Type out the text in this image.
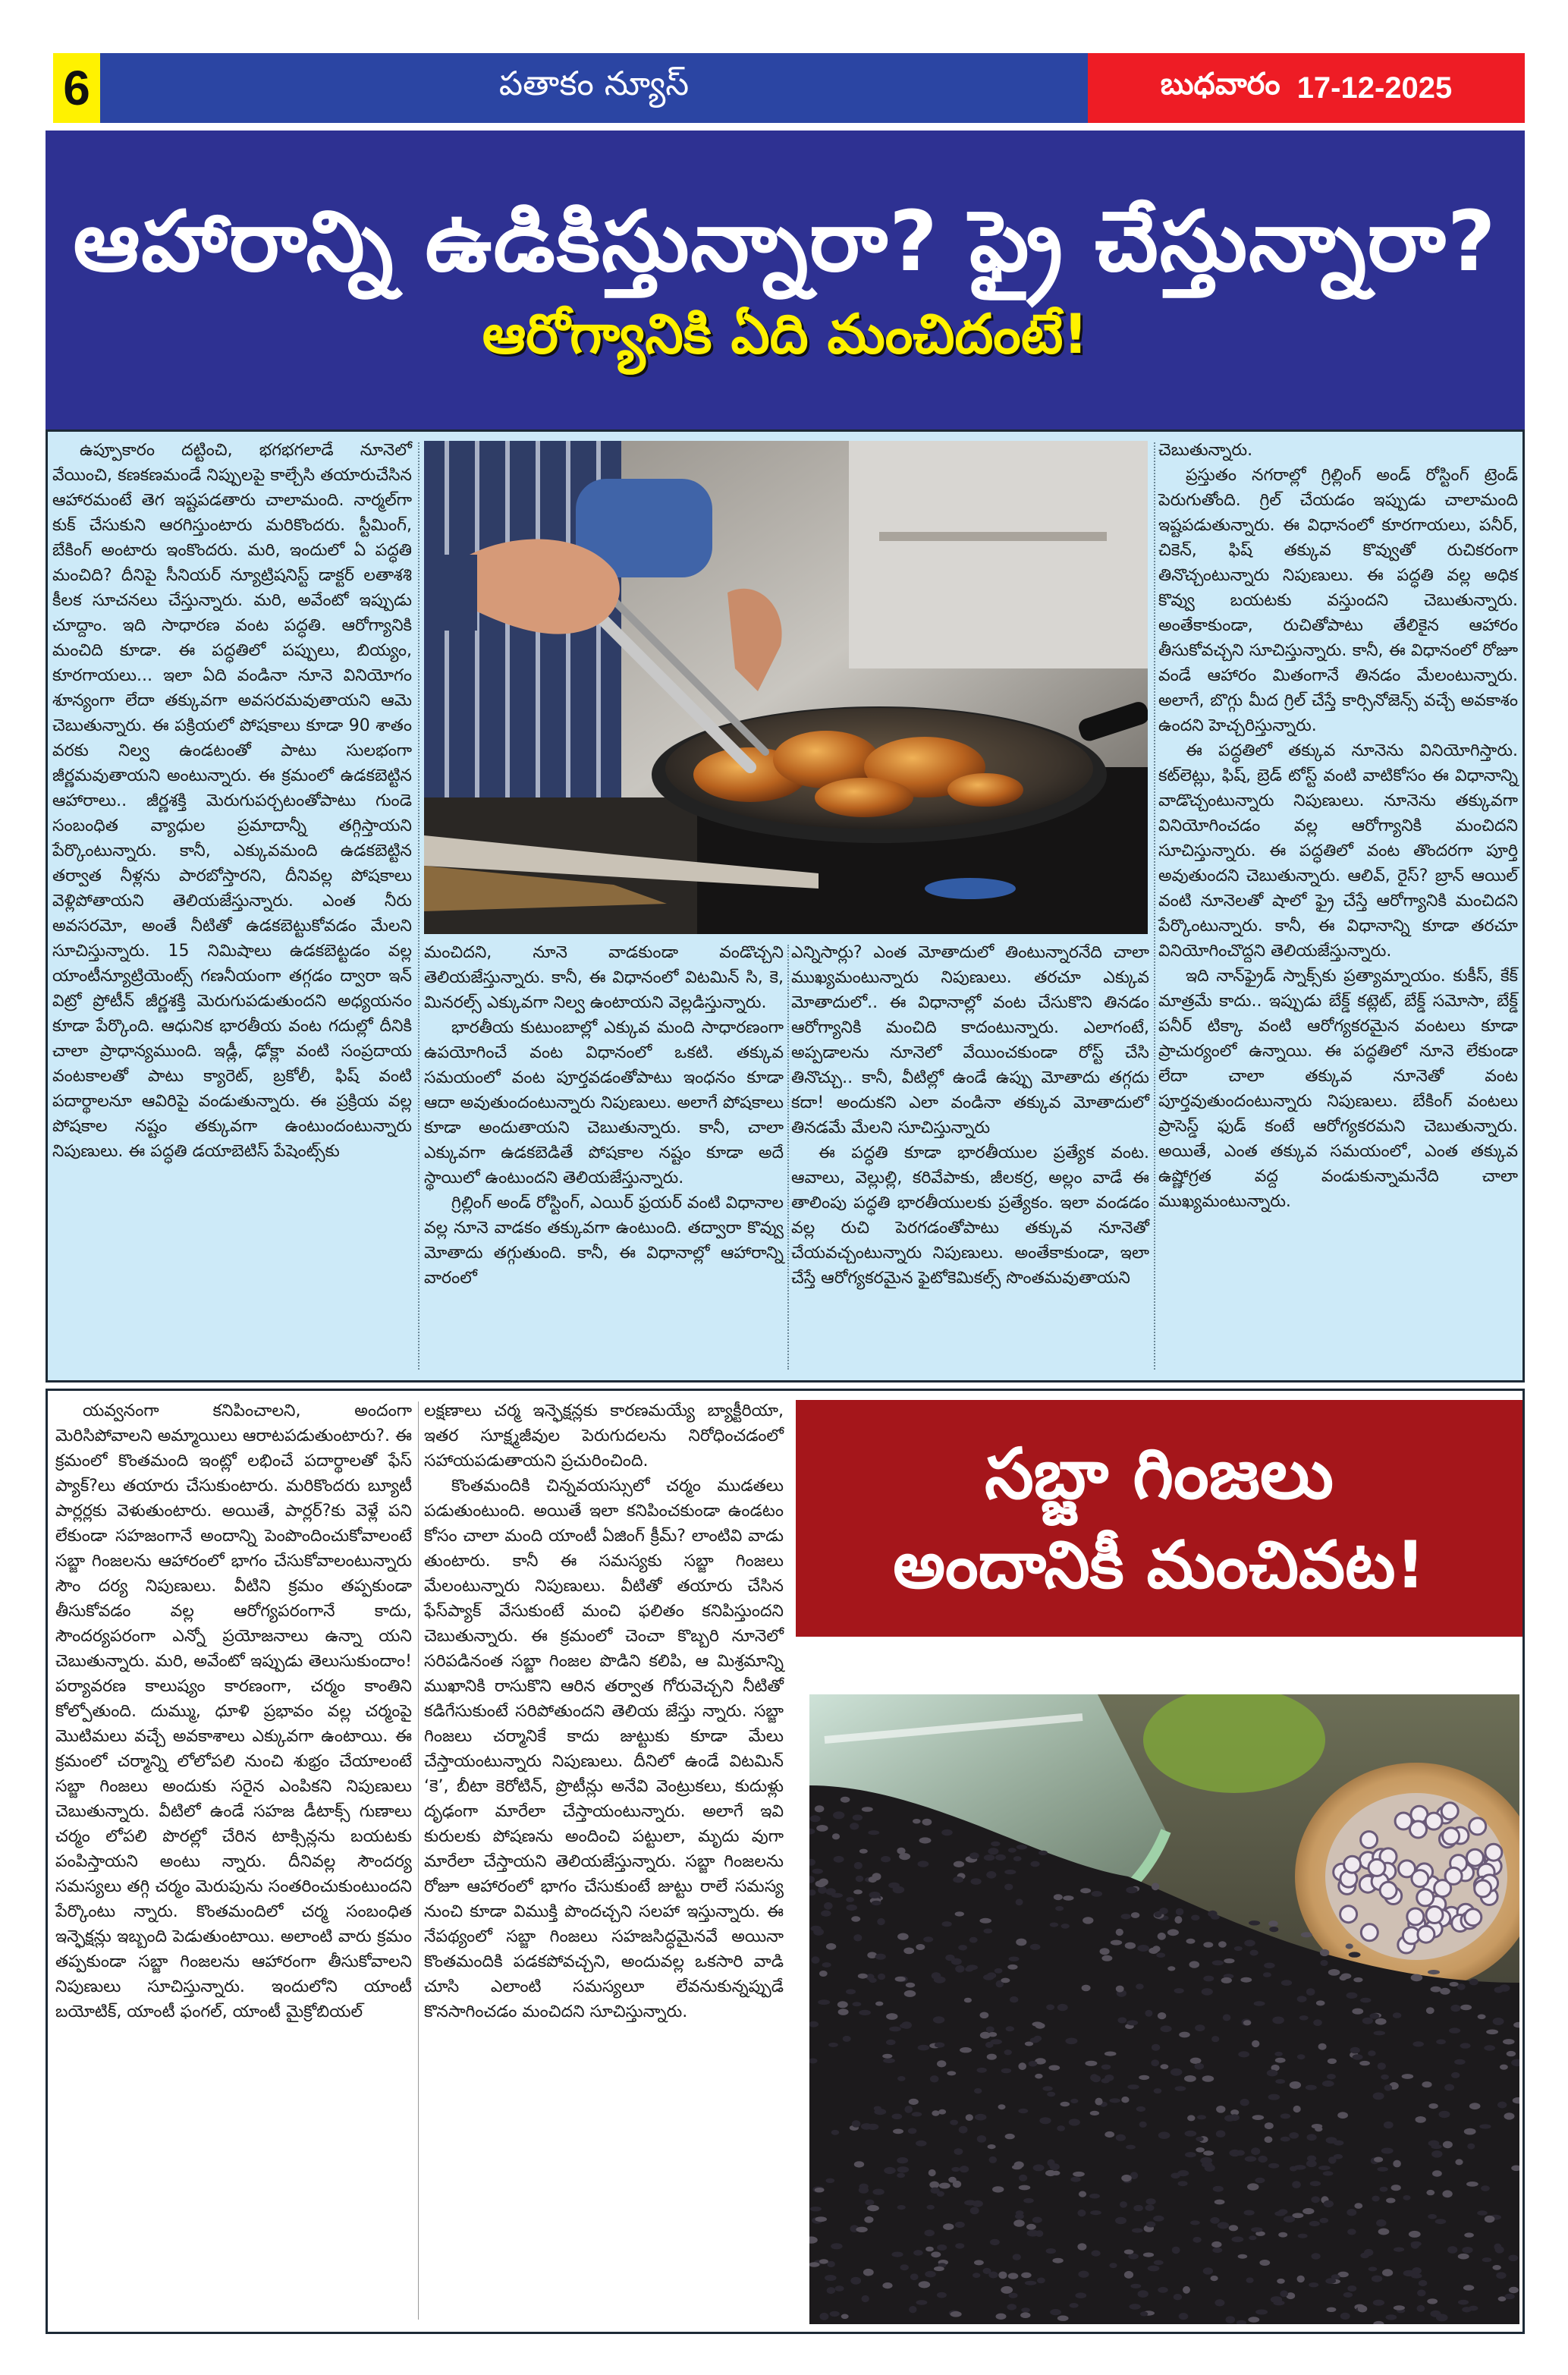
6	పతాకం న్యూస్	బుధవారం 17-12-2025
ఆహారాన్ని ఉడికిస్తున్నారా? ఫ్రై చేస్తున్నారా?
ఆరోగ్యానికి ఏది మంచిదంటే!

ఉప్పూకారం దట్టించి, భగభగలాడే నూనెలో వేయించి, కణకణమండే నిప్పులపై కాల్చేసి తయారుచేసిన ఆహారమంటే తెగ ఇష్టపడతారు చాలామంది. నార్మల్‌గా కుక్ చేసుకుని ఆరగిస్తుంటారు మరికొందరు. స్టీమింగ్, బేకింగ్ అంటారు ఇంకొందరు. మరి, ఇందులో ఏ పద్ధతి మంచిది? దీనిపై సీనియర్ న్యూట్రిషనిస్ట్ డాక్టర్ లతాశశి కీలక సూచనలు చేస్తున్నారు. మరి, అవేంటో ఇప్పుడు చూద్దాం. ఇది సాధారణ వంట పద్ధతి. ఆరోగ్యానికి మంచిది కూడా. ఈ పద్ధతిలో పప్పులు, బియ్యం, కూరగాయలు... ఇలా ఏది వండినా నూనె వినియోగం శూన్యంగా లేదా తక్కువగా అవసరమవుతాయని ఆమె చెబుతున్నారు. ఈ పక్రియలో పోషకాలు కూడా 90 శాతం వరకు నిల్వ ఉండటంతో పాటు సులభంగా జీర్ణమవుతాయని అంటున్నారు. ఈ క్రమంలో ఉడకబెట్టిన ఆహారాలు.. జీర్ణశక్తి మెరుగుపర్చటంతోపాటు గుండె సంబంధిత వ్యాధుల ప్రమాదాన్నీ తగ్గిస్తాయని పేర్కొంటున్నారు. కానీ, ఎక్కువమంది ఉడకబెట్టిన తర్వాత నీళ్లను పారబోస్తారని, దీనివల్ల పోషకాలు వెళ్లిపోతాయని తెలియజేస్తున్నారు. ఎంత నీరు అవసరమో, అంతే నీటితో ఉడకబెట్టుకోవడం మేలని సూచిస్తున్నారు. 15 నిమిషాలు ఉడకబెట్టడం వల్ల యాంటీన్యూట్రియెంట్స్ గణనీయంగా తగ్గడం ద్వారా ఇన్ విట్రో ప్రోటీన్ జీర్ణశక్తి మెరుగుపడుతుందని అధ్యయనం కూడా పేర్కొంది. ఆధునిక భారతీయ వంట గదుల్లో దీనికి చాలా ప్రాధాన్యముంది. ఇడ్లీ, ఢోక్లా వంటి సంప్రదాయ వంటకాలతో పాటు క్యారెట్, బ్రకోలీ, ఫిష్ వంటి పదార్థాలనూ ఆవిరిపై వండుతున్నారు. ఈ ప్రక్రియ వల్ల పోషకాల నష్టం తక్కువగా ఉంటుందంటున్నారు నిపుణులు. ఈ పద్ధతి డయాబెటిస్ పేషెంట్స్‌కు

మంచిదని, నూనె వాడకుండా వండొచ్చని తెలియజేస్తున్నారు. కానీ, ఈ విధానంలో విటమిన్ సి, కె, మినరల్స్ ఎక్కువగా నిల్వ ఉంటాయని వెల్లడిస్తున్నారు.

భారతీయ కుటుంబాల్లో ఎక్కువ మంది సాధారణంగా ఉపయోగించే వంట విధానంలో ఒకటి. తక్కువ సమయంలో వంట పూర్తవడంతోపాటు ఇంధనం కూడా ఆదా అవుతుందంటున్నారు నిపుణులు. అలాగే పోషకాలు కూడా అందుతాయని చెబుతున్నారు. కానీ, చాలా ఎక్కువగా ఉడకబెడితే పోషకాల నష్టం కూడా అదే స్థాయిలో ఉంటుందని తెలియజేస్తున్నారు.

గ్రిల్లింగ్ అండ్ రోస్టింగ్, ఎయిర్ ఫ్రయర్ వంటి విధానాల వల్ల నూనె వాడకం తక్కువగా ఉంటుంది. తద్వారా కొవ్వు మోతాదు తగ్గుతుంది. కానీ, ఈ విధానాల్లో ఆహారాన్ని వారంలో

ఎన్నిసార్లు? ఎంత మోతాదులో తింటున్నారనేది చాలా ముఖ్యమంటున్నారు నిపుణులు. తరచూ ఎక్కువ మోతాదులో.. ఈ విధానాల్లో వంట చేసుకొని తినడం ఆరోగ్యానికి మంచిది కాదంటున్నారు. ఎలాగంటే, అప్పడాలను నూనెలో వేయించకుండా రోస్ట్ చేసి తినొచ్చు.. కానీ, వీటిల్లో ఉండే ఉప్పు మోతాదు తగ్గదు కదా! అందుకని ఎలా వండినా తక్కువ మోతాదులో తినడమే మేలని సూచిస్తున్నారు

ఈ పద్ధతి కూడా భారతీయుల ప్రత్యేక వంట. ఆవాలు, వెల్లుల్లి, కరివేపాకు, జీలకర్ర, అల్లం వాడే ఈ తాలింపు పద్ధతి భారతీయులకు ప్రత్యేకం. ఇలా వండడం వల్ల రుచి పెరగడంతోపాటు తక్కువ నూనెతో చేయవచ్చంటున్నారు నిపుణులు. అంతేకాకుండా, ఇలా చేస్తే ఆరోగ్యకరమైన ఫైటోకెమికల్స్ సొంతమవుతాయని

చెబుతున్నారు.

ప్రస్తుతం నగరాల్లో గ్రిల్లింగ్ అండ్ రోస్టింగ్ ట్రెండ్ పెరుగుతోంది. గ్రిల్ చేయడం ఇప్పుడు చాలామంది ఇష్టపడుతున్నారు. ఈ విధానంలో కూరగాయలు, పనీర్, చికెన్, ఫిష్ తక్కువ కొవ్వుతో రుచికరంగా తినొచ్చంటున్నారు నిపుణులు. ఈ పద్ధతి వల్ల అధిక కొవ్వు బయటకు వస్తుందని చెబుతున్నారు. అంతేకాకుండా, రుచితోపాటు తేలికైన ఆహారం తీసుకోవచ్చని సూచిస్తున్నారు. కానీ, ఈ విధానంలో రోజూ వండే ఆహారం మితంగానే తినడం మేలంటున్నారు. అలాగే, బొగ్గు మీద గ్రిల్ చేస్తే కార్సినోజెన్స్ వచ్చే అవకాశం ఉందని హెచ్చరిస్తున్నారు.

ఈ పద్ధతిలో తక్కువ నూనెను వినియోగిస్తారు. కట్‌లెట్లు, ఫిష్, బ్రెడ్ టోస్ట్ వంటి వాటికోసం ఈ విధానాన్ని వాడొచ్చంటున్నారు నిపుణులు. నూనెను తక్కువగా వినియోగించడం వల్ల ఆరోగ్యానికి మంచిదని సూచిస్తున్నారు. ఈ పద్ధతిలో వంట తొందరగా పూర్తి అవుతుందని చెబుతున్నారు. ఆలివ్, రైస్? బ్రాన్ ఆయిల్ వంటి నూనెలతో షాలో ఫ్రై చేస్తే ఆరోగ్యానికి మంచిదని పేర్కొంటున్నారు. కానీ, ఈ విధానాన్ని కూడా తరచూ వినియోగించొద్దని తెలియజేస్తున్నారు.

ఇది నాన్‌ఫ్రైడ్ స్నాక్స్‌కు ప్రత్యామ్నాయం. కుకీస్, కేక్ మాత్రమే కాదు.. ఇప్పుడు బేక్డ్ కట్లెట్, బేక్డ్ సమోసా, బేక్డ్ పనీర్ టిక్కా వంటి ఆరోగ్యకరమైన వంటలు కూడా ప్రాచుర్యంలో ఉన్నాయి. ఈ పద్ధతిలో నూనె లేకుండా లేదా చాలా తక్కువ నూనెతో వంట పూర్తవుతుందంటున్నారు నిపుణులు. బేకింగ్ వంటలు ప్రాసెస్డ్ ఫుడ్ కంటే ఆరోగ్యకరమని చెబుతున్నారు. అయితే, ఎంత తక్కువ సమయంలో, ఎంత తక్కువ ఉష్ణోగ్రత వద్ద వండుకున్నామనేది చాలా ముఖ్యమంటున్నారు.

యవ్వనంగా కనిపించాలని, అందంగా మెరిసిపోవాలని అమ్మాయిలు ఆరాటపడుతుంటారు?. ఈ క్రమంలో కొంతమంది ఇంట్లో లభించే పదార్థాలతో ఫేస్ ప్యాక్?లు తయారు చేసుకుంటారు. మరికొందరు బ్యూటీ పార్లర్లకు వెళుతుంటారు. అయితే, పార్లర్?కు వెళ్లే పని లేకుండా సహజంగానే అందాన్ని పెంపొందించుకోవాలంటే సబ్జా గింజలను ఆహారంలో భాగం చేసుకోవాలంటున్నారు సౌం దర్య నిపుణులు. వీటిని క్రమం తప్పకుండా తీసుకోవడం వల్ల ఆరోగ్యపరంగానే కాదు, సౌందర్యపరంగా ఎన్నో ప్రయోజనాలు ఉన్నా యని చెబుతున్నారు. మరి, అవేంటో ఇప్పుడు తెలుసుకుందాం! పర్యావరణ కాలుష్యం కారణంగా, చర్మం కాంతిని కోల్పోతుంది. దుమ్ము, ధూళి ప్రభావం వల్ల చర్మంపై మొటిమలు వచ్చే అవకాశాలు ఎక్కువగా ఉంటాయి. ఈ క్రమంలో చర్మాన్ని లోలోపలి నుంచి శుభ్రం చేయాలంటే సబ్జా గింజలు అందుకు సరైన ఎంపికని నిపుణులు చెబుతున్నారు. వీటిలో ఉండే సహజ డీటాక్స్ గుణాలు చర్మం లోపలి పొరల్లో చేరిన టాక్సిన్లను బయటకు పంపిస్తాయని అంటు న్నారు. దీనివల్ల సౌందర్య సమస్యలు తగ్గి చర్మం మెరుపును సంతరించుకుంటుందని పేర్కొంటు న్నారు. కొంతమందిలో చర్మ సంబంధిత ఇన్ఫెక్షన్లు ఇబ్బంది పెడుతుంటాయి. అలాంటి వారు క్రమం తప్పకుండా సబ్జా గింజలను ఆహారంగా తీసుకోవాలని నిపుణులు సూచిస్తున్నారు. ఇందులోని యాంటీ బయోటిక్, యాంటీ ఫంగల్, యాంటీ మైక్రోబియల్

లక్షణాలు చర్మ ఇన్ఫెక్షన్లకు కారణమయ్యే బ్యాక్టీరియా, ఇతర సూక్ష్మజీవుల పెరుగుదలను నిరోధించడంలో సహాయపడుతాయని ప్రచురించింది.

కొంతమందికి చిన్నవయస్సులో చర్మం ముడతలు పడుతుంటుంది. అయితే ఇలా కనిపించకుండా ఉండటం కోసం చాలా మంది యాంటీ ఏజింగ్ క్రీమ్? లాంటివి వాడు తుంటారు. కానీ ఈ సమస్యకు సబ్జా గింజలు మేలంటున్నారు నిపుణులు. వీటితో తయారు చేసిన ఫేస్‌ప్యాక్ వేసుకుంటే మంచి ఫలితం కనిపిస్తుందని చెబుతున్నారు. ఈ క్రమంలో చెంచా కొబ్బరి నూనెలో సరిపడినంత సబ్జా గింజల పొడిని కలిపి, ఆ మిశ్రమాన్ని ముఖానికి రాసుకొని ఆరిన తర్వాత గోరువెచ్చని నీటితో కడిగేసుకుంటే సరిపోతుందని తెలియ జేస్తు న్నారు. సబ్జా గింజలు చర్మానికే కాదు జుట్టుకు కూడా మేలు చేస్తాయంటున్నారు నిపుణులు. దీనిలో ఉండే విటమిన్ ‘కె’, బీటా కెరోటిన్, ప్రొటీన్లు అనేవి వెంట్రుకలు, కుదుళ్లు దృఢంగా మారేలా చేస్తాయంటున్నారు. అలాగే ఇవి కురులకు పోషణను అందించి పట్టులా, మృదు వుగా మారేలా చేస్తాయని తెలియజేస్తున్నారు. సబ్జా గింజలను రోజూ ఆహారంలో భాగం చేసుకుంటే జుట్టు రాలే సమస్య నుంచి కూడా విముక్తి పొందచ్చని సలహా ఇస్తున్నారు. ఈ నేపథ్యంలో సబ్జా గింజలు సహజసిద్ధమైనవే అయినా కొంతమందికి పడకపోవచ్చని, అందువల్ల ఒకసారి వాడి చూసి ఎలాంటి సమస్యలూ లేవనుకున్నప్పుడే కొనసాగించడం మంచిదని సూచిస్తున్నారు.

సబ్జా గింజలు
అందానికీ మంచివట!
